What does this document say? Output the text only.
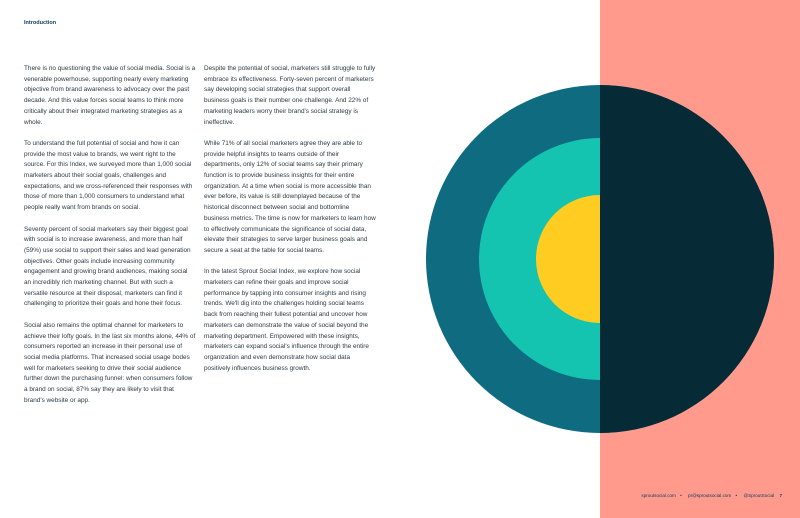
Introduction

There is no questioning the value of social media. Social is a venerable powerhouse, supporting nearly every marketing objective from brand awareness to advocacy over the past decade. And this value forces social teams to think more critically about their integrated marketing strategies as a whole.

To understand the full potential of social and how it can provide the most value to brands, we went right to the source. For this Index, we surveyed more than 1,000 social marketers about their social goals, challenges and expectations, and we cross-referenced their responses with those of more than 1,000 consumers to understand what people really want from brands on social.

Seventy percent of social marketers say their biggest goal with social is to increase awareness, and more than half (59%) use social to support their sales and lead generation objectives. Other goals include increasing community engagement and growing brand audiences, making social an incredibly rich marketing channel. But with such a versatile resource at their disposal, marketers can find it challenging to prioritize their goals and hone their focus.

Social also remains the optimal channel for marketers to achieve their lofty goals. In the last six months alone, 44% of consumers reported an increase in their personal use of social media platforms. That increased social usage bodes well for marketers seeking to drive their social audience further down the purchasing funnel: when consumers follow a brand on social, 87% say they are likely to visit that brand's website or app.

Despite the potential of social, marketers still struggle to fully embrace its effectiveness. Forty-seven percent of marketers say developing social strategies that support overall business goals is their number one challenge. And 22% of marketing leaders worry their brand's social strategy is ineffective.

While 71% of all social marketers agree they are able to provide helpful insights to teams outside of their departments, only 12% of social teams say their primary function is to provide business insights for their entire organization. At a time when social is more accessible than ever before, its value is still downplayed because of the historical disconnect between social and bottomline business metrics. The time is now for marketers to learn how to effectively communicate the significance of social data, elevate their strategies to serve larger business goals and secure a seat at the table for social teams.

In the latest Sprout Social Index, we explore how social marketers can refine their goals and improve social performance by tapping into consumer insights and rising trends. We'll dig into the challenges holding social teams back from reaching their fullest potential and uncover how marketers can demonstrate the value of social beyond the marketing department. Empowered with these insights, marketers can expand social's influence through the entire organization and even demonstrate how social data positively influences business growth.

sproutsocial.com • pr@sproutsocial.com • @SproutSocial 7
